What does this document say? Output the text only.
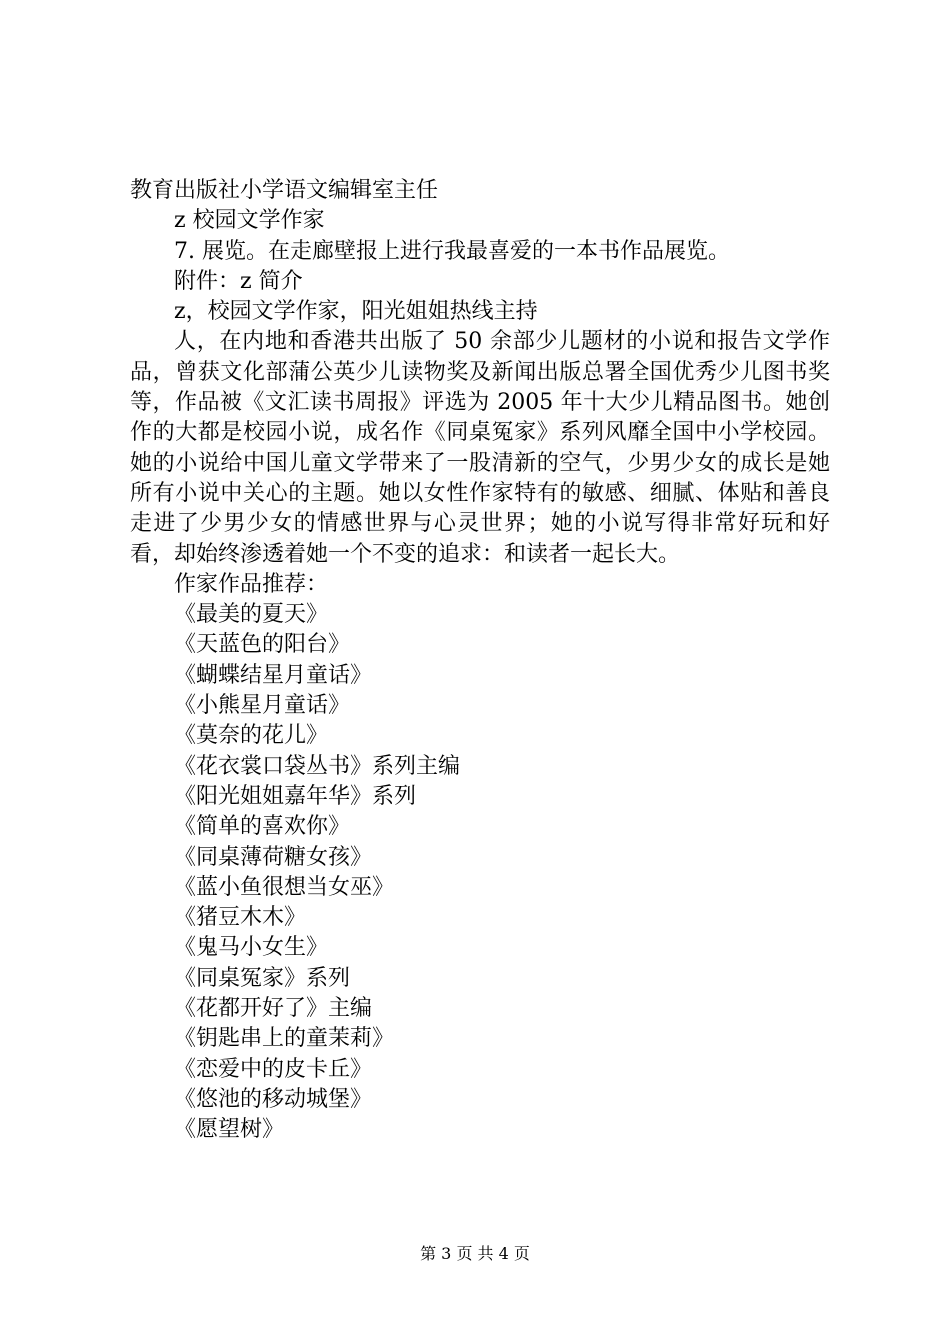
教育出版社小学语文编辑室主任
z 校园文学作家
7. 展览。在走廊壁报上进行我最喜爱的一本书作品展览。
附件：z 简介
z，校园文学作家，阳光姐姐热线主持

人，在内地和香港共出版了 50 余部少儿题材的小说和报告文学作品，曾获文化部蒲公英少儿读物奖及新闻出版总署全国优秀少儿图书奖等，作品被《文汇读书周报》评选为 2005 年十大少儿精品图书。她创作的大都是校园小说，成名作《同桌冤家》系列风靡全国中小学校园。她的小说给中国儿童文学带来了一股清新的空气，少男少女的成长是她所有小说中关心的主题。她以女性作家特有的敏感、细腻、体贴和善良走进了少男少女的情感世界与心灵世界；她的小说写得非常好玩和好看，却始终渗透着她一个不变的追求：和读者一起长大。

作家作品推荐：
《最美的夏天》
《天蓝色的阳台》
《蝴蝶结星月童话》
《小熊星月童话》
《莫奈的花儿》
《花衣裳口袋丛书》系列主编
《阳光姐姐嘉年华》系列
《简单的喜欢你》
《同桌薄荷糖女孩》
《蓝小鱼很想当女巫》
《猪豆木木》
《鬼马小女生》
《同桌冤家》系列
《花都开好了》主编
《钥匙串上的童茉莉》
《恋爱中的皮卡丘》
《悠池的移动城堡》
《愿望树》
第 3 页 共 4 页
